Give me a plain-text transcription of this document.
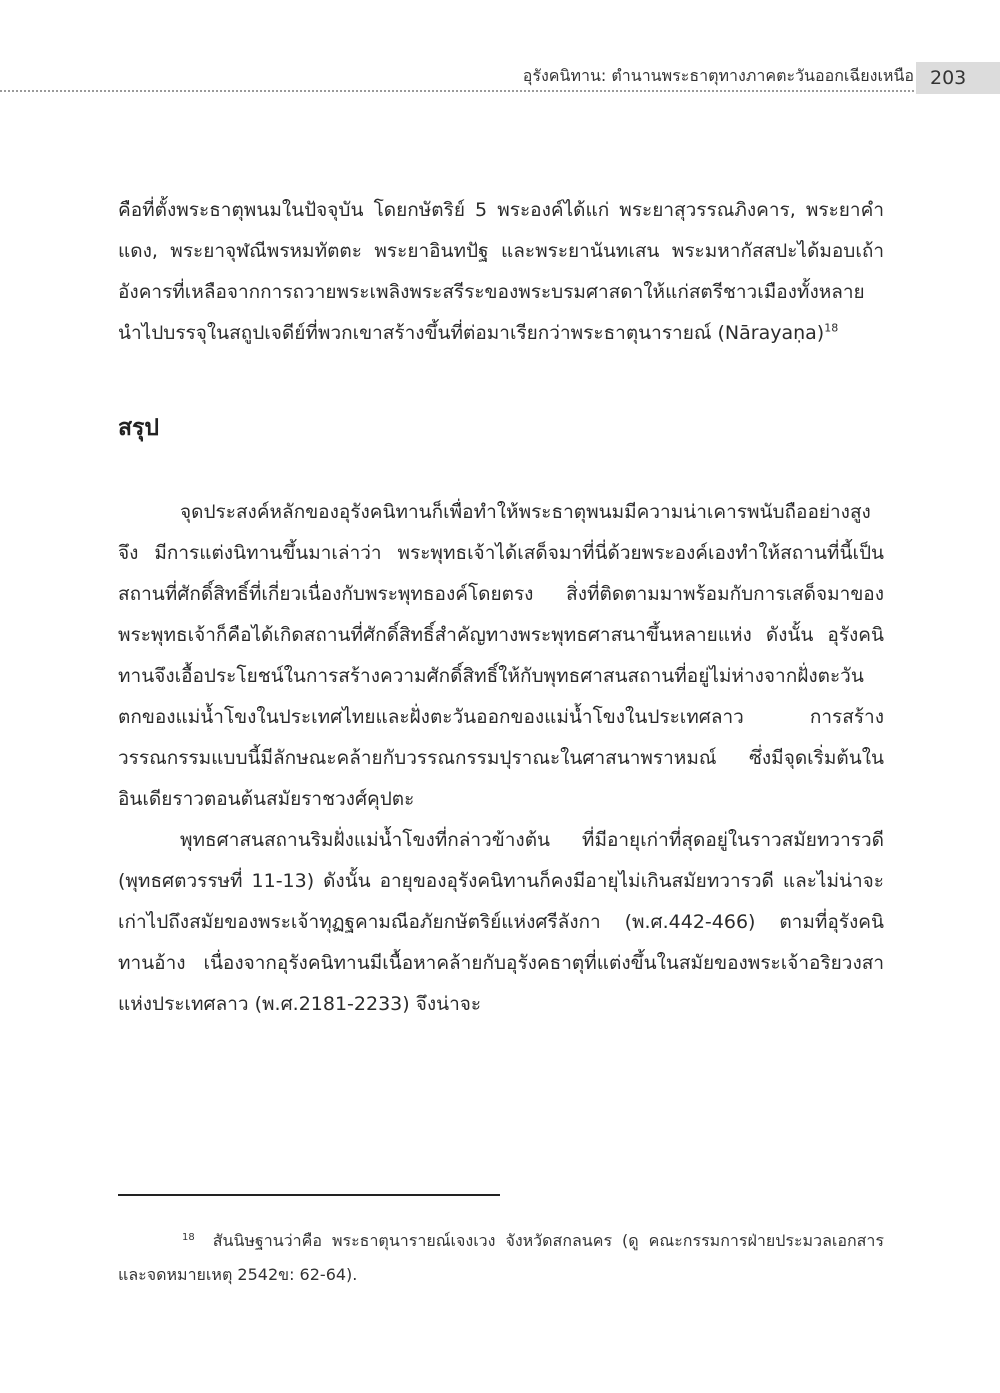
อุรังคนิทาน: ตำนานพระธาตุทางภาคตะวันออกเฉียงเหนือ 203

คือที่ตั้งพระธาตุพนมในปัจจุบัน โดยกษัตริย์ 5 พระองค์ได้แก่ พระยาสุวรรณภิงคาร, พระยาคำแดง, พระยาจุฬณีพรหมทัตตะ พระยาอินทปัฐ และพระยานันทเสน พระมหากัสสปะได้มอบเถ้าอังคารที่เหลือจากการถวายพระเพลิงพระสรีระของพระบรมศาสดาให้แก่สตรีชาวเมืองทั้งหลาย นำไปบรรจุในสถูปเจดีย์ที่พวกเขาสร้างขึ้นที่ต่อมาเรียกว่าพระธาตุนารายณ์ (Nārayaṇa)$^{18}$

สรุป

จุดประสงค์หลักของอุรังคนิทานก็เพื่อทำให้พระธาตุพนมมีความน่าเคารพนับถืออย่างสูงจึง มีการแต่งนิทานขึ้นมาเล่าว่า พระพุทธเจ้าได้เสด็จมาที่นี่ด้วยพระองค์เองทำให้สถานที่นี้เป็นสถานที่ศักดิ์สิทธิ์ที่เกี่ยวเนื่องกับพระพุทธองค์โดยตรง สิ่งที่ติดตามมาพร้อมกับการเสด็จมาของพระพุทธเจ้าก็คือได้เกิดสถานที่ศักดิ์สิทธิ์สำคัญทางพระพุทธศาสนาขึ้นหลายแห่ง ดังนั้น อุรังคนิทานจึงเอื้อประโยชน์ในการสร้างความศักดิ์สิทธิ์ให้กับพุทธศาสนสถานที่อยู่ไม่ห่างจากฝั่งตะวันตกของแม่น้ำโขงในประเทศไทยและฝั่งตะวันออกของแม่น้ำโขงในประเทศลาว การสร้างวรรณกรรมแบบนี้มีลักษณะคล้ายกับวรรณกรรมปุราณะในศาสนาพราหมณ์ ซึ่งมีจุดเริ่มต้นในอินเดียราวตอนต้นสมัยราชวงศ์คุปตะ

พุทธศาสนสถานริมฝั่งแม่น้ำโขงที่กล่าวข้างต้น ที่มีอายุเก่าที่สุดอยู่ในราวสมัยทวารวดี (พุทธศตวรรษที่ 11-13) ดังนั้น อายุของอุรังคนิทานก็คงมีอายุไม่เกินสมัยทวารวดี และไม่น่าจะเก่าไปถึงสมัยของพระเจ้าทุฏฐคามณีอภัยกษัตริย์แห่งศรีลังกา (พ.ศ.442-466) ตามที่อุรังคนิทานอ้าง เนื่องจากอุรังคนิทานมีเนื้อหาคล้ายกับอุรังคธาตุที่แต่งขึ้นในสมัยของพระเจ้าอริยวงสาแห่งประเทศลาว (พ.ศ.2181-2233) จึงน่าจะ

$^{18}$ สันนิษฐานว่าคือ พระธาตุนารายณ์เจงเวง จังหวัดสกลนคร (ดู คณะกรรมการฝ่ายประมวลเอกสารและจดหมายเหตุ 2542ข: 62-64).
